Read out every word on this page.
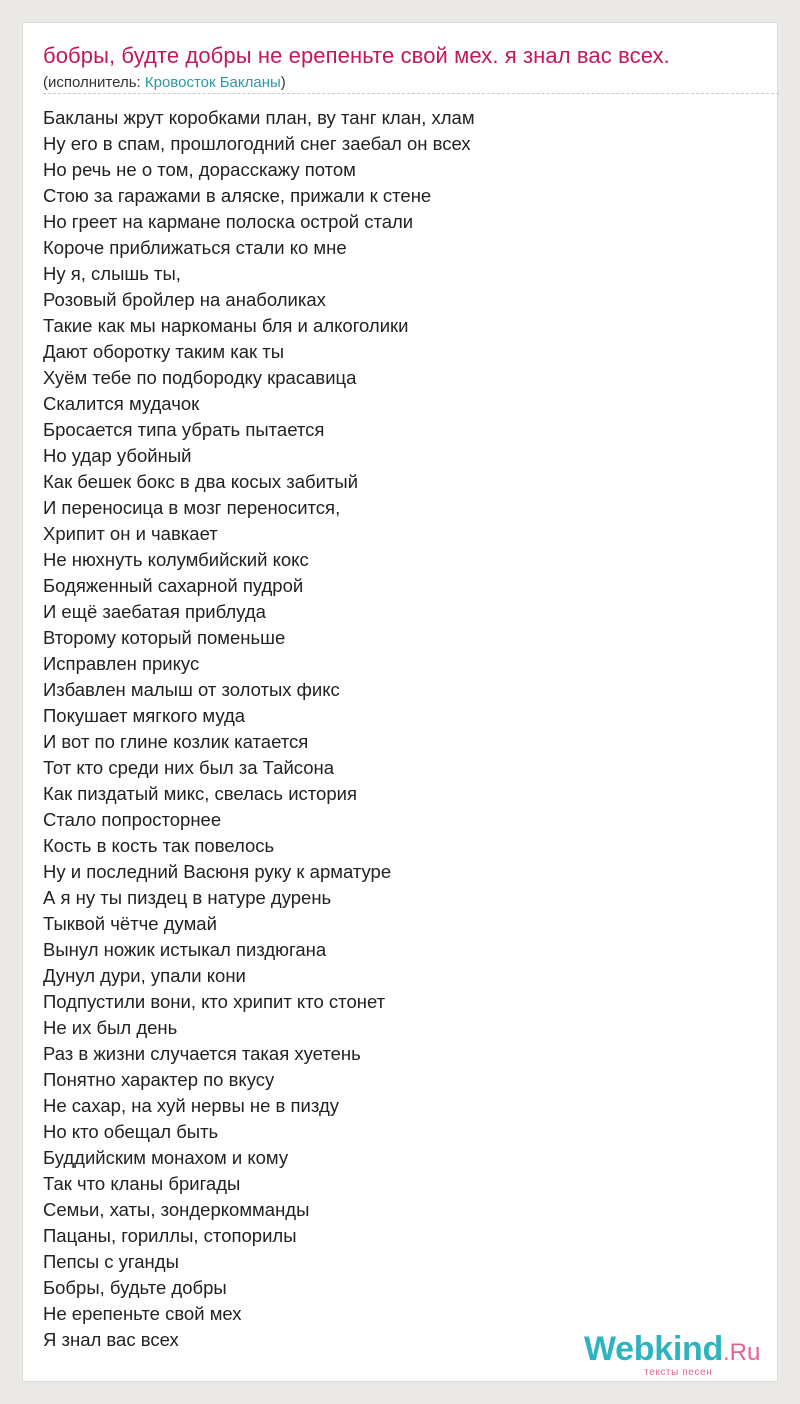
бобры, будте добры не ерепеньте свой мех. я знал вас всех.
(исполнитель: Кровосток Бакланы)
Бакланы жрут коробками план, ву танг клан, хлам
Ну его в спам, прошлогодний снег заебал он всех
Но речь не о том, дорасскажу потом
Стою за гаражами в аляске, прижали к стене
Но греет на кармане полоска острой стали
Короче приближаться стали ко мне
Ну я, слышь ты,
Розовый бройлер на анаболиках
Такие как мы наркоманы бля и алкоголики
Дают оборотку таким как ты
Хуём тебе по подбородку красавица
Скалится мудачок
Бросается типа убрать пытается
Но удар убойный
Как бешек бокс в два косых забитый
И переносица в мозг переносится,
Хрипит он и чавкает
Не нюхнуть колумбийский кокс
Бодяженный сахарной пудрой
И ещё заебатая приблуда
Второму который поменьше
Исправлен прикус
Избавлен малыш от золотых фикс
Покушает мягкого муда
И вот по глине козлик катается
Тот кто среди них был за Тайсона
Как пиздатый микс, свелась история
Стало попросторнее
Кость в кость так повелось
Ну и последний Васюня руку к арматуре
А я ну ты пиздец в натуре дурень
Тыквой чётче думай
Вынул ножик истыкал пиздюгана
Дунул дури, упали кони
Подпустили вони, кто хрипит кто стонет
Не их был день
Раз в жизни случается такая хуетень
Понятно характер по вкусу
Не сахар, на хуй нервы не в пизду
Но кто обещал быть
Буддийским монахом и кому
Так что кланы бригады
Семьи, хаты, зондеркомманды
Пацаны, гориллы, стопорилы
Пепсы с уганды
Бобры, будьте добры
Не ерепеньте свой мех
Я знал вас всех	Webkind.Ru
тексты песен
